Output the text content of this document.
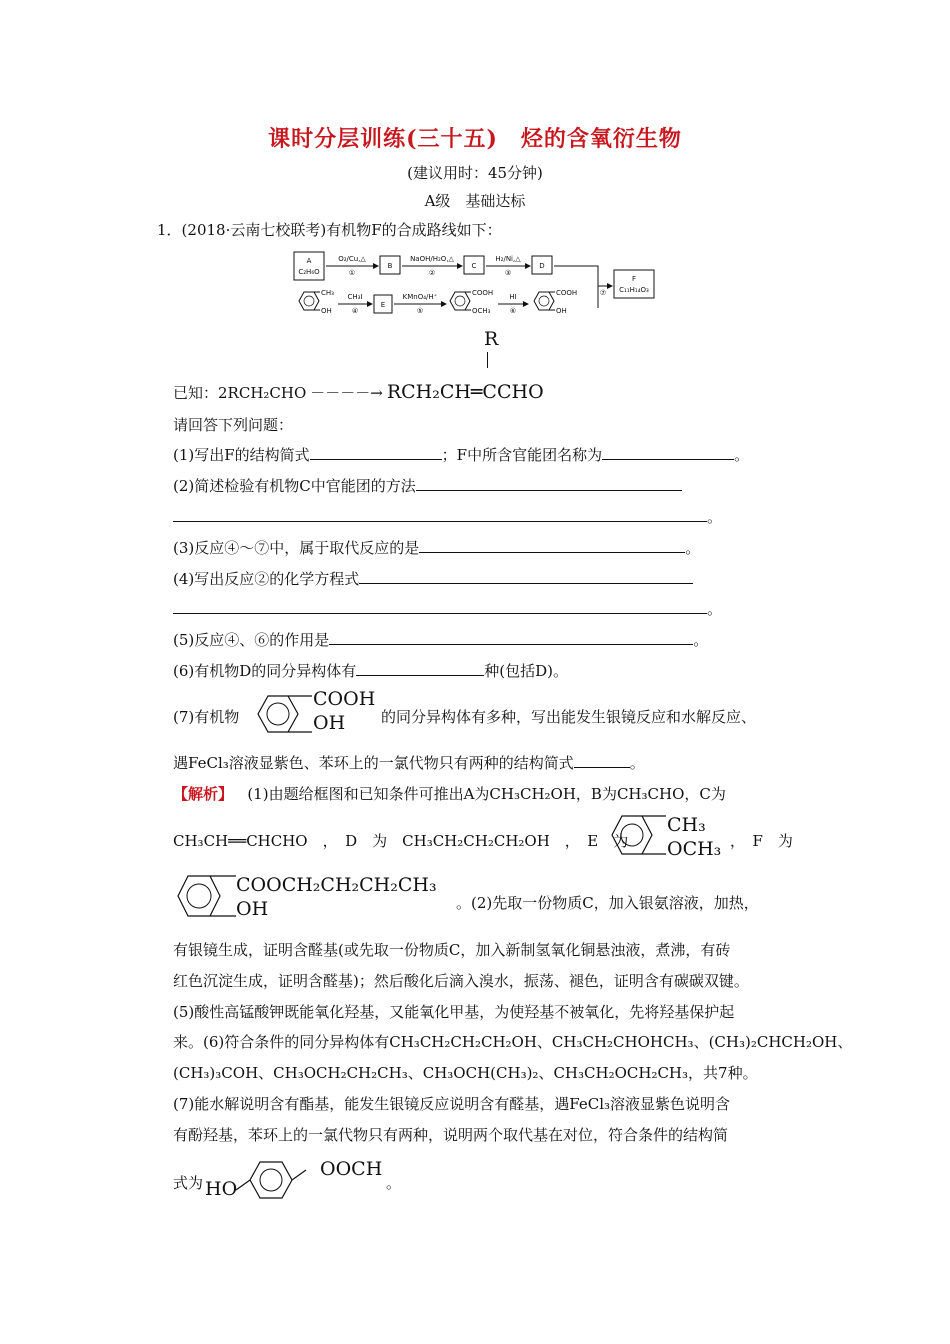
课时分层训练(三十五)　烃的含氧衍生物
(建议用时：45分钟)
A级　基础达标
1．(2018·云南七校联考)有机物F的合成路线如下：
A
C₂H₆O
O₂/Cu,△
①
B
NaOH/H₂O,△
②
C
H₂/Ni,△
③
D
⑦
F
C₁₁H₁₄O₃
CH₃
OH
CH₃I
④
E
KMnO₄/H⁺
⑤
COOH
OCH₃
HI
⑥
COOH
OH
R
已知：2RCH₂CHO －－－－→ RCH₂CH═CCHO
请回答下列问题：
(1)写出F的结构简式	；F中所含官能团名称为	。
(2)简述检验有机物C中官能团的方法
。
(3)反应④～⑦中，属于取代反应的是	。
(4)写出反应②的化学方程式
。
(5)反应④、⑥的作用是	。
(6)有机物D的同分异构体有	种(包括D)。
(7)有机物
COOH
OH 的同分异构体有多种，写出能发生银镜反应和水解反应、
遇FeCl₃溶液显紫色、苯环上的一氯代物只有两种的结构简式	。
【解析】 (1)由题给框图和已知条件可推出A为CH₃CH₂OH，B为CH₃CHO，C为
CH₃CH══CHCHO　，　D　为　CH₃CH₂CH₂CH₂OH　，　E　为
CH₃
OCH₃ ，　F　为
COOCH₂CH₂CH₂CH₃
OH	。(2)先取一份物质C，加入银氨溶液，加热，
有银镜生成，证明含醛基(或先取一份物质C，加入新制氢氧化铜悬浊液，煮沸，有砖
红色沉淀生成，证明含醛基)；然后酸化后滴入溴水，振荡、褪色，证明含有碳碳双键。
(5)酸性高锰酸钾既能氧化羟基，又能氧化甲基，为使羟基不被氧化，先将羟基保护起
来。(6)符合条件的同分异构体有CH₃CH₂CH₂CH₂OH、CH₃CH₂CHOHCH₃、(CH₃)₂CHCH₂OH、
(CH₃)₃COH、CH₃OCH₂CH₂CH₃、CH₃OCH(CH₃)₂、CH₃CH₂OCH₂CH₃，共7种。
(7)能水解说明含有酯基，能发生银镜反应说明含有醛基，遇FeCl₃溶液显紫色说明含
有酚羟基，苯环上的一氯代物只有两种，说明两个取代基在对位，符合条件的结构简
式为 HO
OOCH
。
